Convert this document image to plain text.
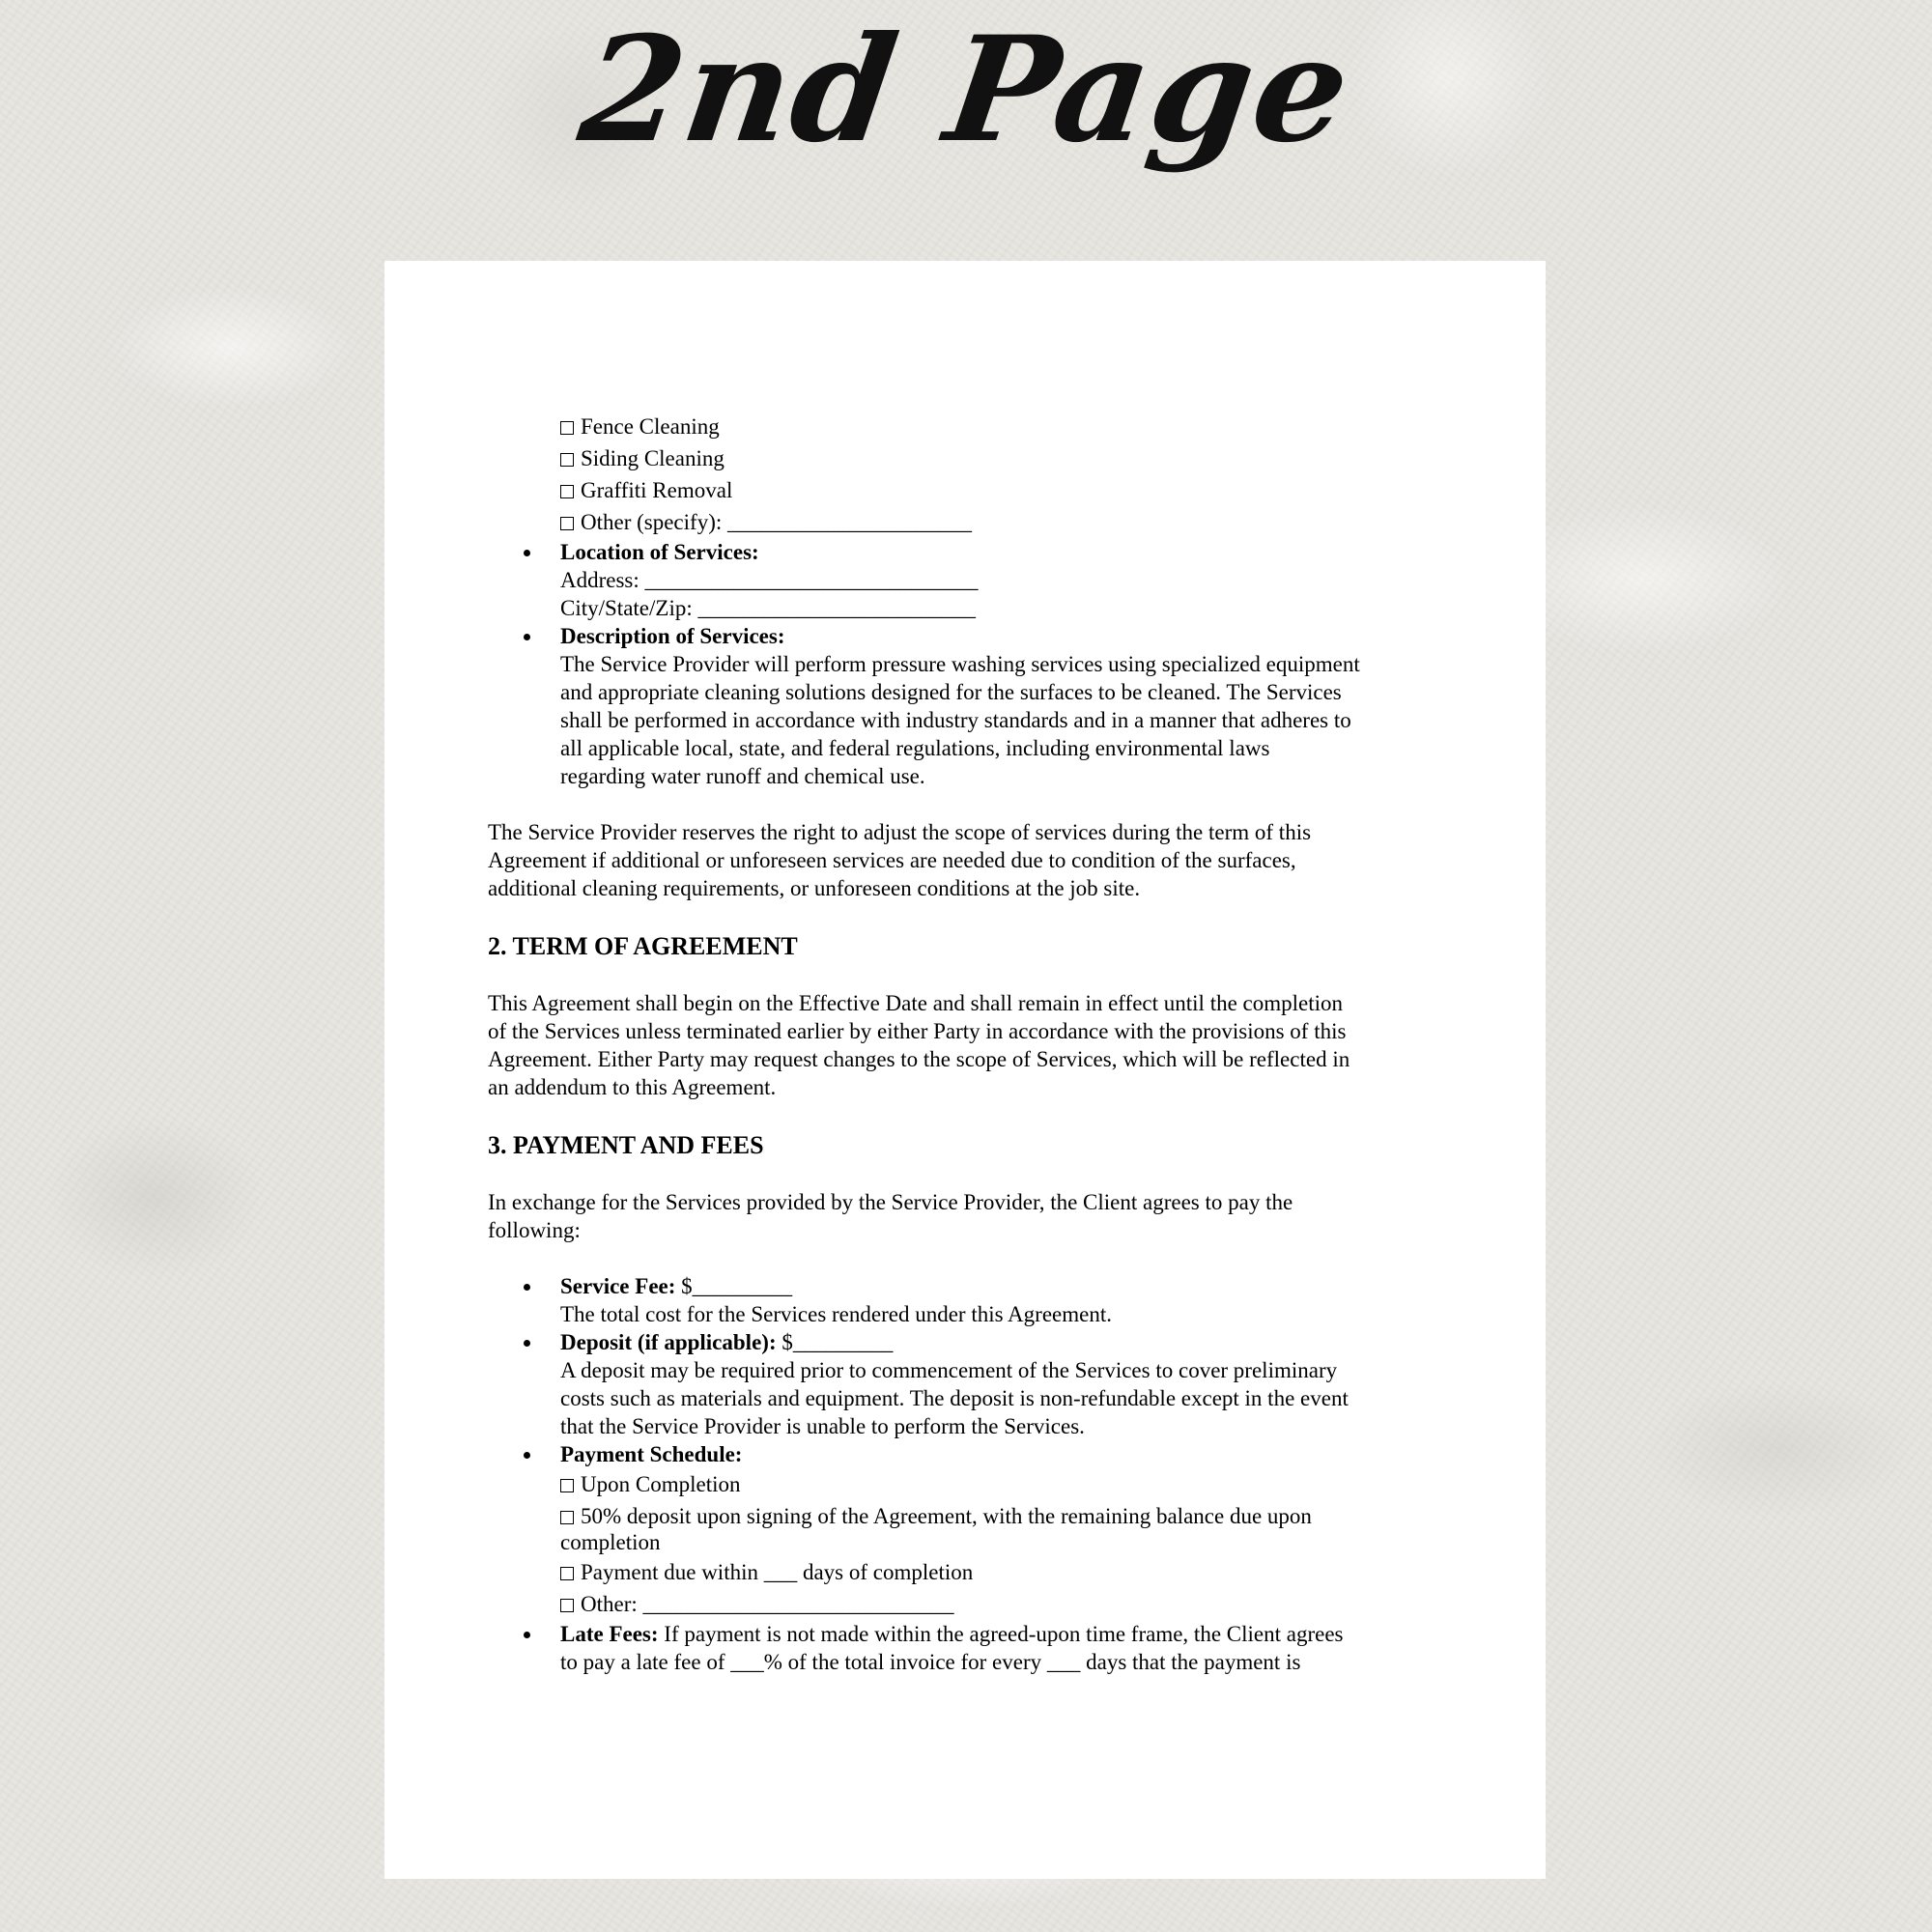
2nd Page
Fence Cleaning
Siding Cleaning
Graffiti Removal
Other (specify): ______________________
Location of Services:
Address: ______________________________
City/State/Zip: _________________________
Description of Services:
The Service Provider will perform pressure washing services using specialized equipment
and appropriate cleaning solutions designed for the surfaces to be cleaned. The Services
shall be performed in accordance with industry standards and in a manner that adheres to
all applicable local, state, and federal regulations, including environmental laws
regarding water runoff and chemical use.
The Service Provider reserves the right to adjust the scope of services during the term of this
Agreement if additional or unforeseen services are needed due to condition of the surfaces,
additional cleaning requirements, or unforeseen conditions at the job site.
2. TERM OF AGREEMENT
This Agreement shall begin on the Effective Date and shall remain in effect until the completion
of the Services unless terminated earlier by either Party in accordance with the provisions of this
Agreement. Either Party may request changes to the scope of Services, which will be reflected in
an addendum to this Agreement.
3. PAYMENT AND FEES
In exchange for the Services provided by the Service Provider, the Client agrees to pay the
following:
Service Fee: $_________
The total cost for the Services rendered under this Agreement.
Deposit (if applicable): $_________
A deposit may be required prior to commencement of the Services to cover preliminary
costs such as materials and equipment. The deposit is non-refundable except in the event
that the Service Provider is unable to perform the Services.
Payment Schedule:
Upon Completion
50% deposit upon signing of the Agreement, with the remaining balance due upon
completion
Payment due within ___ days of completion
Other: ____________________________
Late Fees: If payment is not made within the agreed-upon time frame, the Client agrees
to pay a late fee of ___% of the total invoice for every ___ days that the payment is
